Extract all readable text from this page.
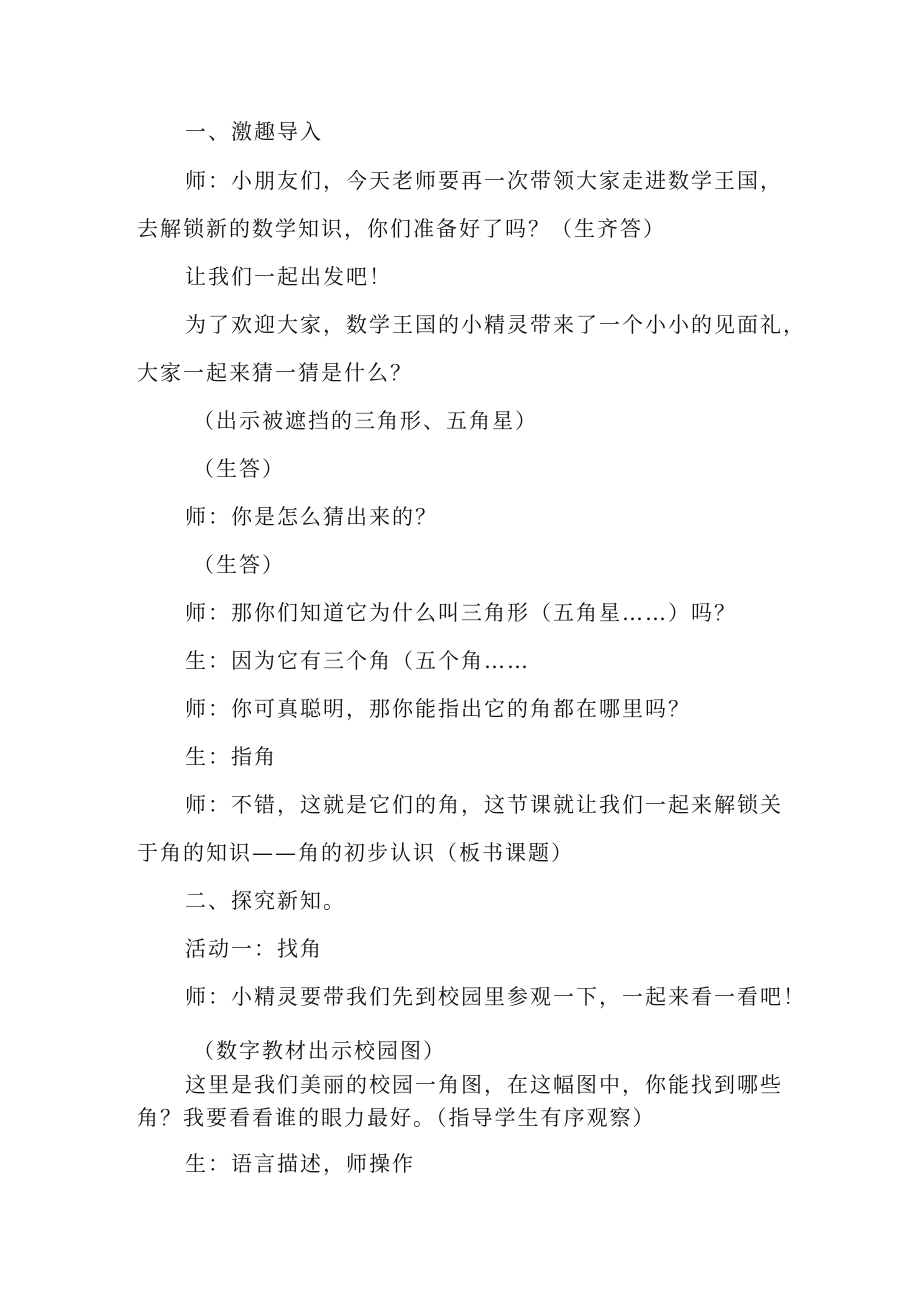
一、激趣导入
师：小朋友们，今天老师要再一次带领大家走进数学王国，
去解锁新的数学知识，你们准备好了吗？（生齐答）
让我们一起出发吧！
为了欢迎大家，数学王国的小精灵带来了一个小小的见面礼，
大家一起来猜一猜是什么？
（出示被遮挡的三角形、五角星）
（生答）
师：你是怎么猜出来的？
（生答）
师：那你们知道它为什么叫三角形（五角星……）吗？
生：因为它有三个角（五个角……
师：你可真聪明，那你能指出它的角都在哪里吗？
生：指角
师：不错，这就是它们的角，这节课就让我们一起来解锁关
于角的知识——角的初步认识（板书课题）
二、探究新知。
活动一：找角
师：小精灵要带我们先到校园里参观一下，一起来看一看吧！
（数字教材出示校园图）
这里是我们美丽的校园一角图，在这幅图中，你能找到哪些
角？我要看看谁的眼力最好。（指导学生有序观察）
生：语言描述，师操作
